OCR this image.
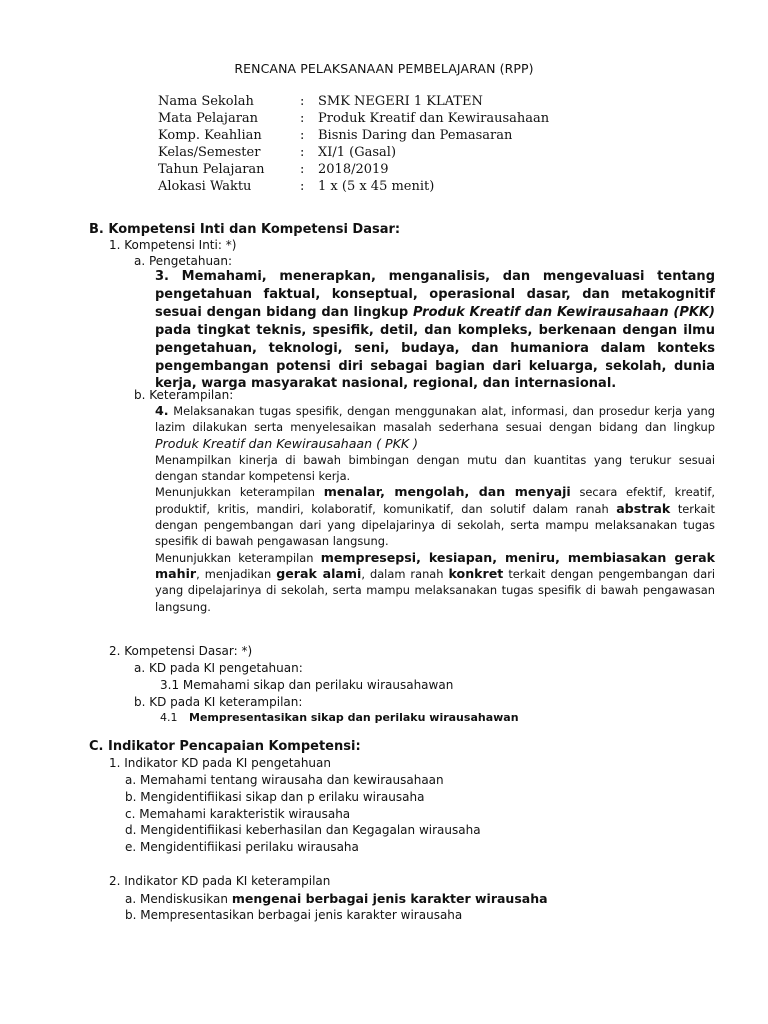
RENCANA PELAKSANAAN PEMBELAJARAN (RPP)
Nama Sekolah	: SMK NEGERI 1 KLATEN
Mata Pelajaran	: Produk Kreatif dan Kewirausahaan
Komp. Keahlian	: Bisnis Daring dan Pemasaran
Kelas/Semester	: XI/1 (Gasal)
Tahun Pelajaran	: 2018/2019
Alokasi Waktu	: 1 x (5 x 45 menit)
B. Kompetensi Inti dan Kompetensi Dasar:
1. Kompetensi Inti: *)
a. Pengetahuan:
3. Memahami, menerapkan, menganalisis, dan mengevaluasi tentang pengetahuan faktual, konseptual, operasional dasar, dan metakognitif sesuai dengan bidang dan lingkup Produk Kreatif dan Kewirausahaan (PKK) pada tingkat teknis, spesifik, detil, dan kompleks, berkenaan dengan ilmu pengetahuan, teknologi, seni, budaya, dan humaniora dalam konteks pengembangan potensi diri sebagai bagian dari keluarga, sekolah, dunia kerja, warga masyarakat nasional, regional, dan internasional.
b. Keterampilan:

4. Melaksanakan tugas spesifik, dengan menggunakan alat, informasi, dan prosedur kerja yang lazim dilakukan serta menyelesaikan masalah sederhana sesuai dengan bidang dan lingkup Produk Kreatif dan Kewirausahaan ( PKK )

Menampilkan kinerja di bawah bimbingan dengan mutu dan kuantitas yang terukur sesuai dengan standar kompetensi kerja.

Menunjukkan keterampilan menalar, mengolah, dan menyaji secara efektif, kreatif, produktif, kritis, mandiri, kolaboratif, komunikatif, dan solutif dalam ranah abstrak terkait dengan pengembangan dari yang dipelajarinya di sekolah, serta mampu melaksanakan tugas spesifik di bawah pengawasan langsung.

Menunjukkan keterampilan mempresepsi, kesiapan, meniru, membiasakan gerak mahir, menjadikan gerak alami, dalam ranah konkret terkait dengan pengembangan dari yang dipelajarinya di sekolah, serta mampu melaksanakan tugas spesifik di bawah pengawasan langsung.

2. Kompetensi Dasar: *)
a. KD pada KI pengetahuan:
3.1 Memahami sikap dan perilaku wirausahawan
b. KD pada KI keterampilan:
4.1 Mempresentasikan sikap dan perilaku wirausahawan
C. Indikator Pencapaian Kompetensi:
1. Indikator KD pada KI pengetahuan
a. Memahami tentang wirausaha dan kewirausahaan
b. Mengidentifiikasi sikap dan p erilaku wirausaha
c. Memahami karakteristik wirausaha
d. Mengidentifiikasi keberhasilan dan Kegagalan wirausaha
e. Mengidentifiikasi perilaku wirausaha
2. Indikator KD pada KI keterampilan
a. Mendiskusikan mengenai berbagai jenis karakter wirausaha
b. Mempresentasikan berbagai jenis karakter wirausaha
